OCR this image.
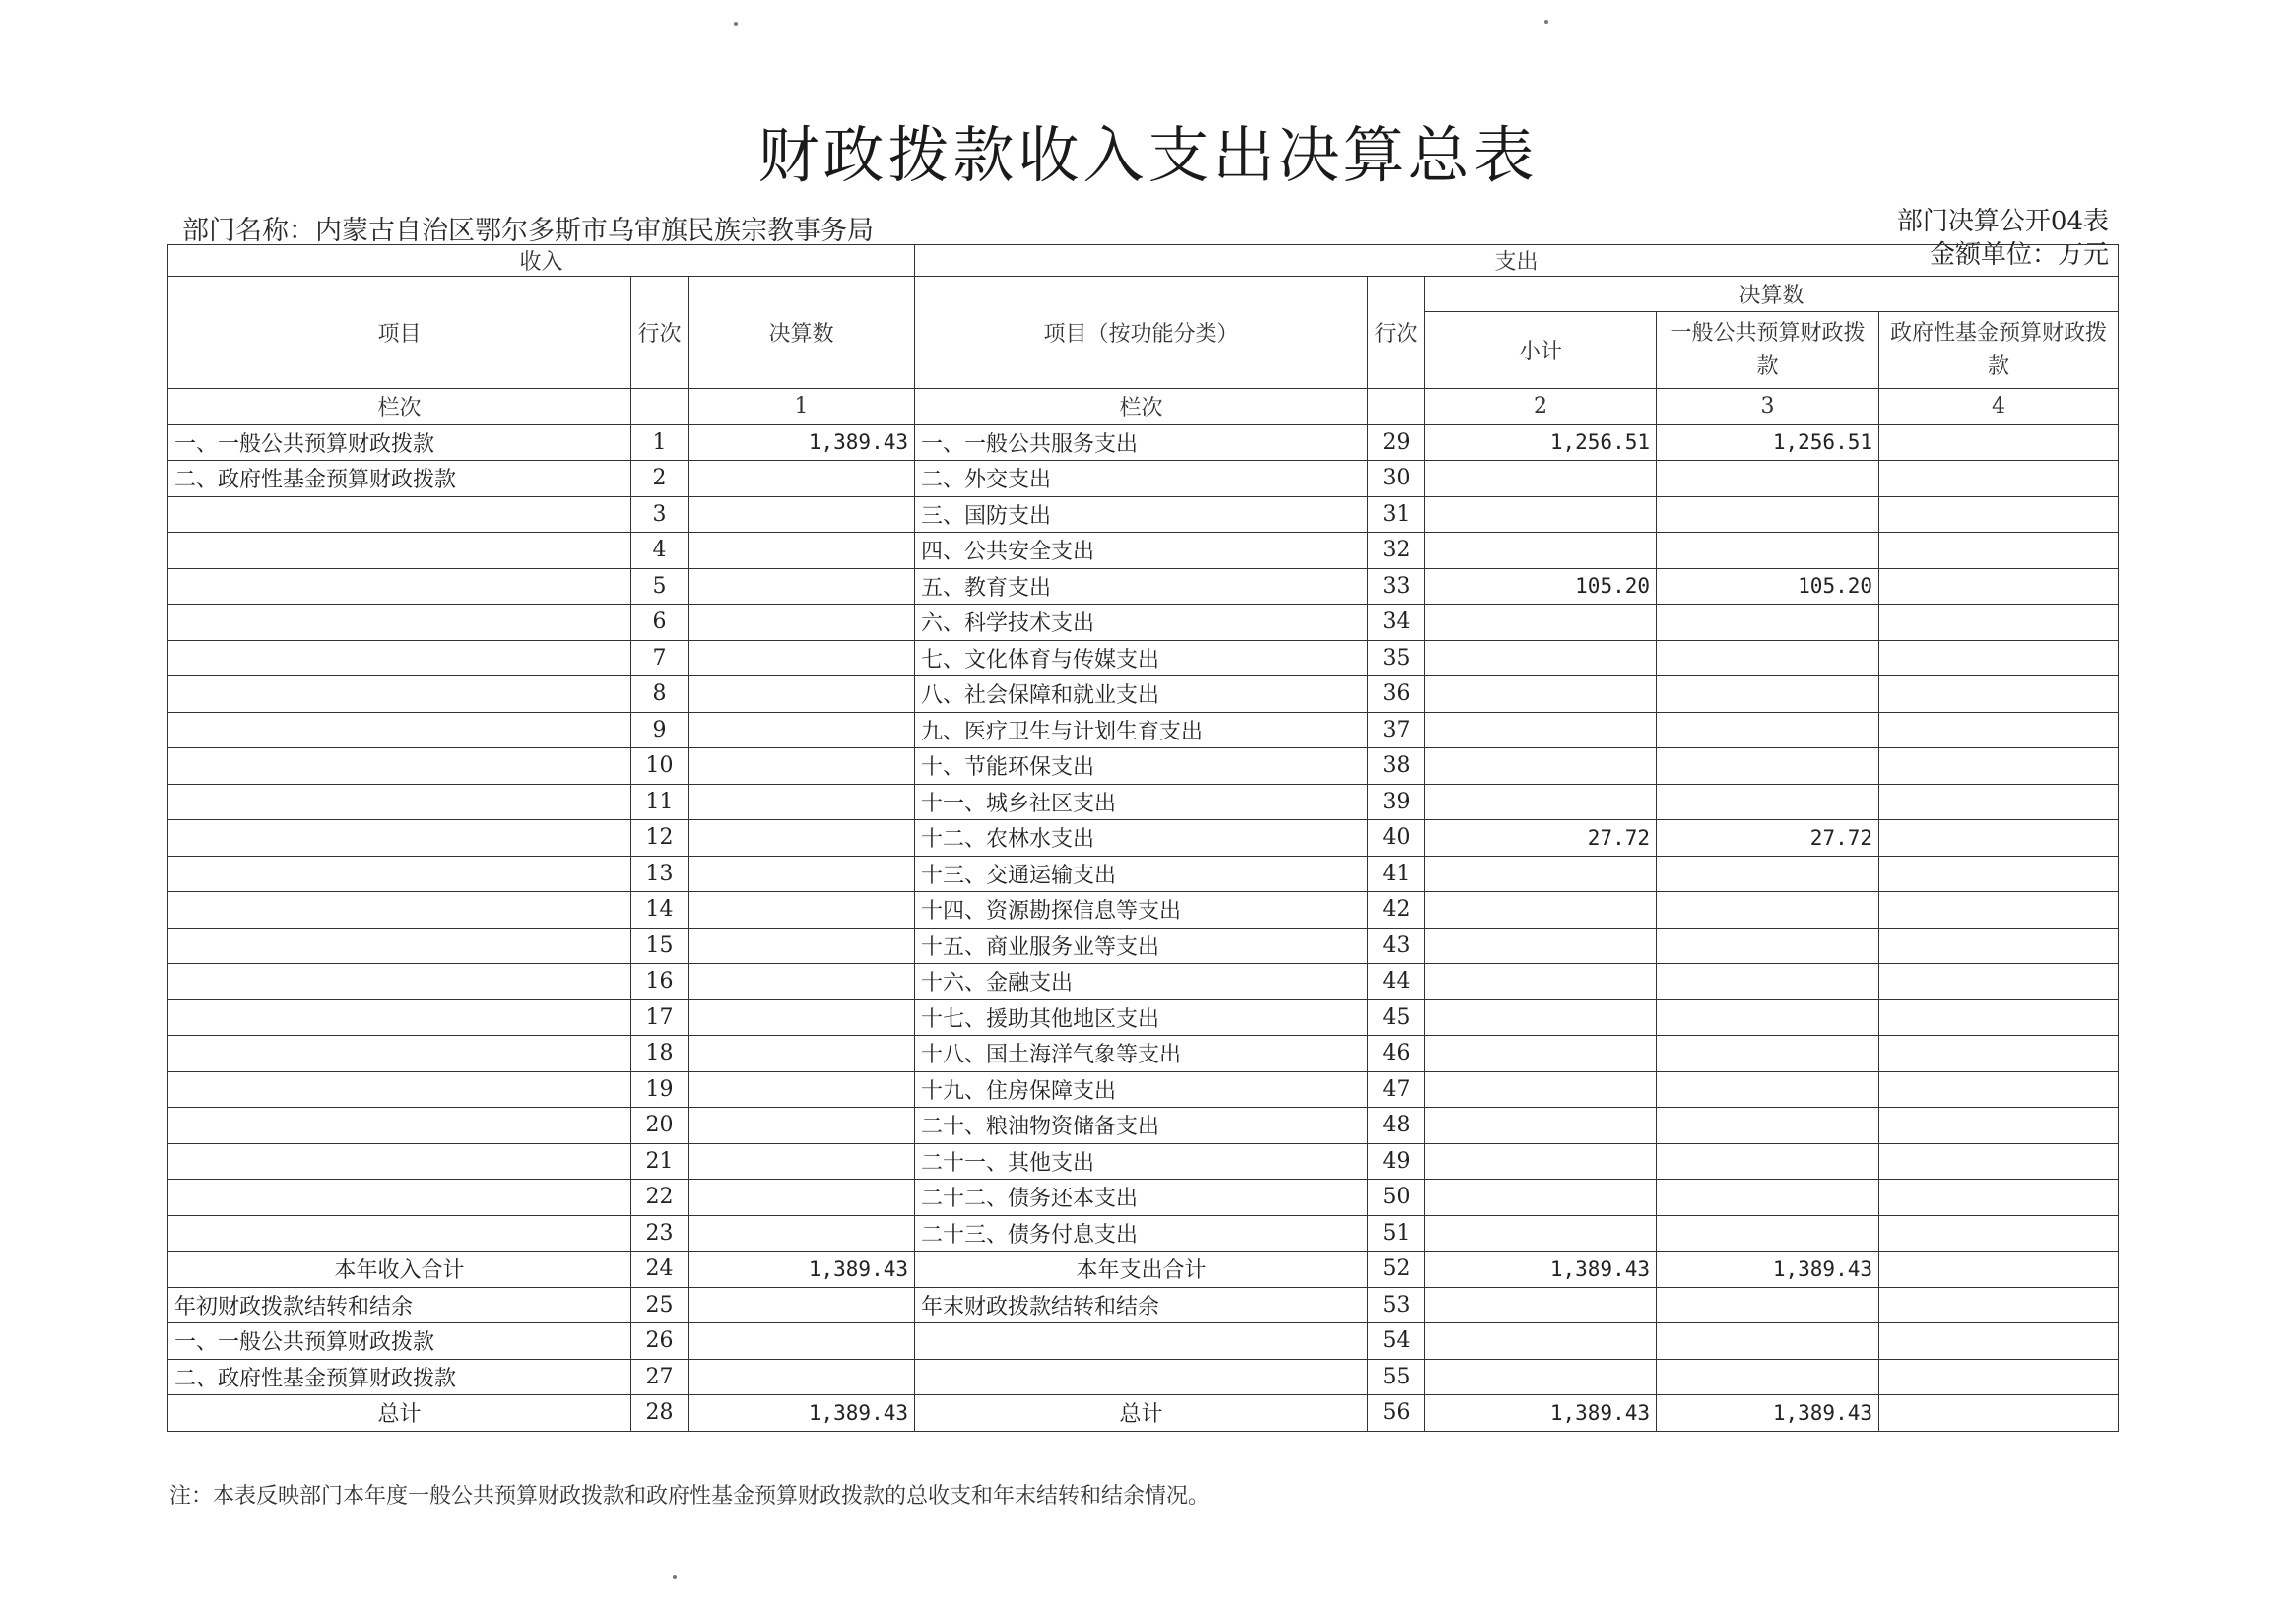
财政拨款收入支出决算总表
部门名称：内蒙古自治区鄂尔多斯市乌审旗民族宗教事务局	部门决算公开04表
金额单位：万元
收入			支出				
项目	行次	决算数	项目（按功能分类）	行次	决算数		
					小计	一般公共预算财政拨款	政府性基金预算财政拨款
栏次		1	栏次		2	3	4
一、一般公共预算财政拨款	1	1,389.43	一、一般公共服务支出	29	1,256.51	1,256.51	
二、政府性基金预算财政拨款	2		二、外交支出	30			
	3		三、国防支出	31			
	4		四、公共安全支出	32			
	5		五、教育支出	33	105.20	105.20	
	6		六、科学技术支出	34			
	7		七、文化体育与传媒支出	35			
	8		八、社会保障和就业支出	36			
	9		九、医疗卫生与计划生育支出	37			
	10		十、节能环保支出	38			
	11		十一、城乡社区支出	39			
	12		十二、农林水支出	40	27.72	27.72	
	13		十三、交通运输支出	41			
	14		十四、资源勘探信息等支出	42			
	15		十五、商业服务业等支出	43			
	16		十六、金融支出	44			
	17		十七、援助其他地区支出	45			
	18		十八、国土海洋气象等支出	46			
	19		十九、住房保障支出	47			
	20		二十、粮油物资储备支出	48			
	21		二十一、其他支出	49			
	22		二十二、债务还本支出	50			
	23		二十三、债务付息支出	51			
本年收入合计	24	1,389.43	本年支出合计	52	1,389.43	1,389.43	
年初财政拨款结转和结余	25		年末财政拨款结转和结余	53			
一、一般公共预算财政拨款	26			54			
二、政府性基金预算财政拨款	27			55			
总计	28	1,389.43	总计	56	1,389.43	1,389.43	
注：本表反映部门本年度一般公共预算财政拨款和政府性基金预算财政拨款的总收支和年末结转和结余情况。
